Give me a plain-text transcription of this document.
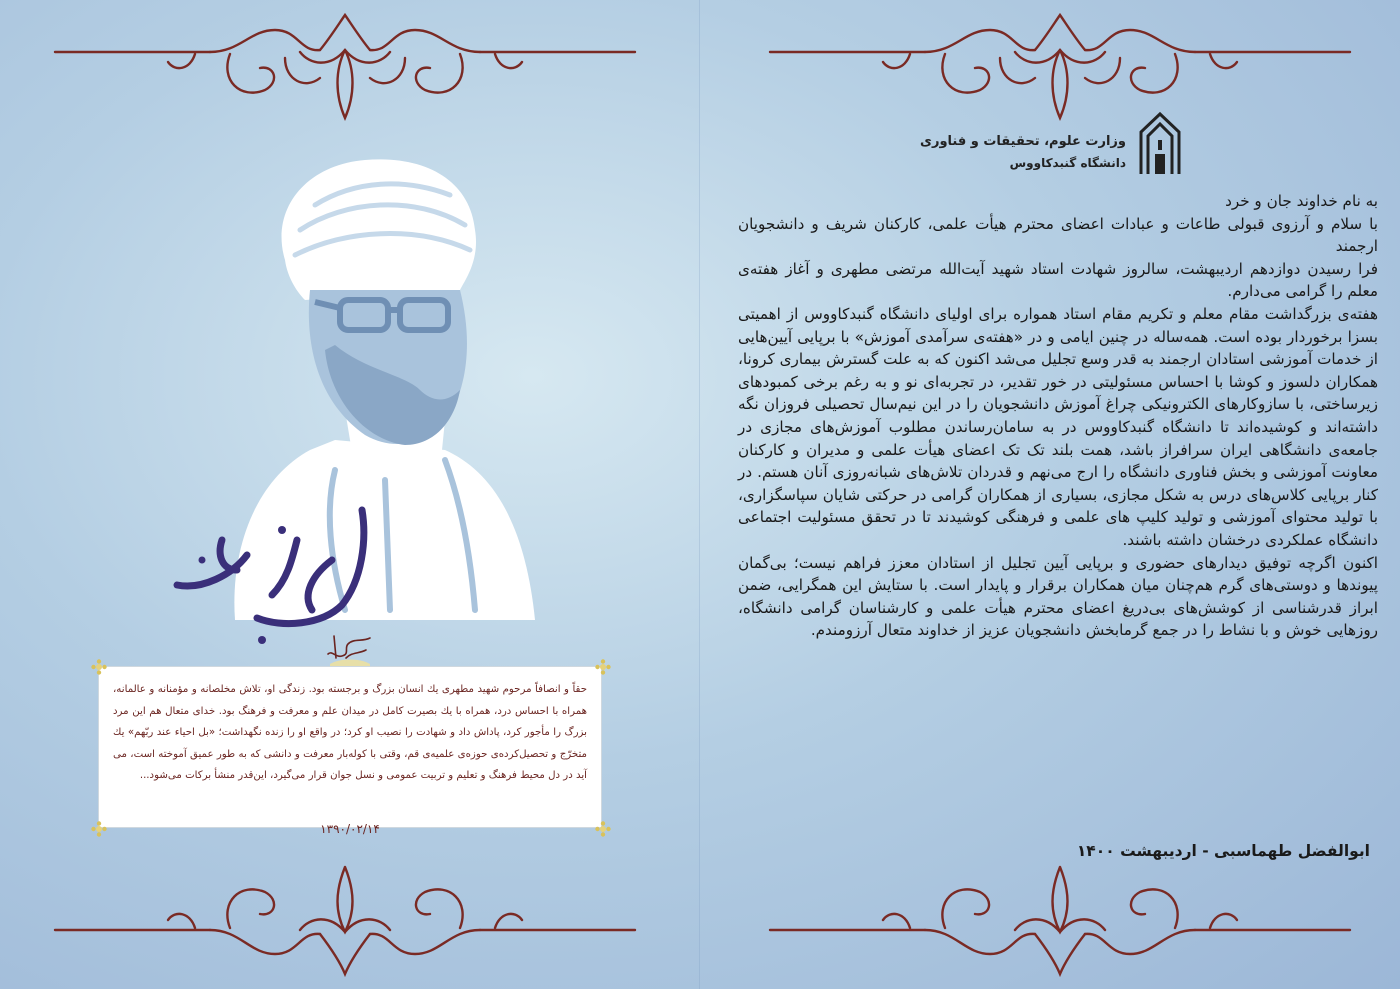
وزارت علوم، تحقیقات و فناوری
دانشگاه گنبدکاووس

به نام خداوند جان و خرد

با سلام و آرزوی قبولی طاعات و عبادات اعضای محترم هیأت علمی، کارکنان شریف و دانشجویان ارجمند

فرا رسیدن دوازدهم اردیبهشت، سالروز شهادت استاد شهید آیت‌الله مرتضی مطهری و آغاز هفته‌ی معلم را گرامی می‌دارم.

هفته‌ی بزرگداشت مقام معلم و تکریم مقام استاد همواره برای اولیای دانشگاه گنبدکاووس از اهمیتی بسزا برخوردار بوده است. همه‌ساله در چنین ایامی و در «هفته‌ی سرآمدی آموزش» با برپایی آیین‌هایی از خدمات آموزشی استادان ارجمند به قدر وسع تجلیل می‌شد اکنون که به علت گسترش بیماری کرونا، همکاران دلسوز و کوشا با احساس مسئولیتی در خور تقدیر، در تجربه‌ای نو و به رغم برخی کمبودهای زیرساختی، با سازوکارهای الکترونیکی چراغ آموزش دانشجویان را در این نیم‌سال تحصیلی فروزان نگه داشته‌اند و کوشیده‌اند تا دانشگاه گنبدکاووس در به سامان‌رساندن مطلوب آموزش‌های مجازی در جامعه‌ی دانشگاهی ایران سرافراز باشد، همت بلند تک تک اعضای هیأت علمی و مدیران و کارکنان معاونت آموزشی و بخش فناوری دانشگاه را ارج می‌نهم و قدردان تلاش‌های شبانه‌روزی آنان هستم. در کنار برپایی کلاس‌های درس به شکل مجازی، بسیاری از همکاران گرامی در حرکتی شایان سپاسگزاری، با تولید محتوای آموزشی و تولید کلیپ های علمی و فرهنگی کوشیدند تا در تحقق مسئولیت اجتماعی دانشگاه عملکردی درخشان داشته باشند.

اکنون اگرچه توفیق دیدارهای حضوری و برپایی آیین تجلیل از استادان معزز فراهم نیست؛ بی‌گمان پیوندها و دوستی‌های گرم هم‌چنان میان همکاران برقرار و پایدار است. با ستایش این همگرایی، ضمن ابراز قدرشناسی از کوشش‌های بی‌دریغ اعضای محترم هیأت علمی و کارشناسان گرامی دانشگاه، روزهایی خوش و با نشاط را در جمع گرمابخش دانشجویان عزیز از خداوند متعال آرزومندم.

ابوالفضل طهماسبی - اردیبهشت ۱۴۰۰
حقاً و انصافاً مرحوم شهید مطهری یك انسان بزرگ و برجسته بود. زندگی او، تلاش مخلصانه و مؤمنانه و عالمانه، همراه با احساس درد، همراه با یك بصیرت كامل در میدان علم و معرفت و فرهنگ بود. خدای متعال هم این مرد بزرگ را مأجور كرد، پاداش داد و شهادت را نصیب او كرد؛ در واقع او را زنده نگهداشت؛ «بل احیاء عند ربّهم» یك متخرّج و تحصیل‌كرده‌ی حوزه‌ی علمیه‌ی قم، وقتی با كوله‌بار معرفت و دانشی كه به طور عمیق آموخته است، می آید در دل محیط فرهنگ و تعلیم و تربیت عمومی و نسل جوان قرار می‌گیرد، این‌قدر منشأ بركات می‌شود...
۱۳۹۰/۰۲/۱۴
